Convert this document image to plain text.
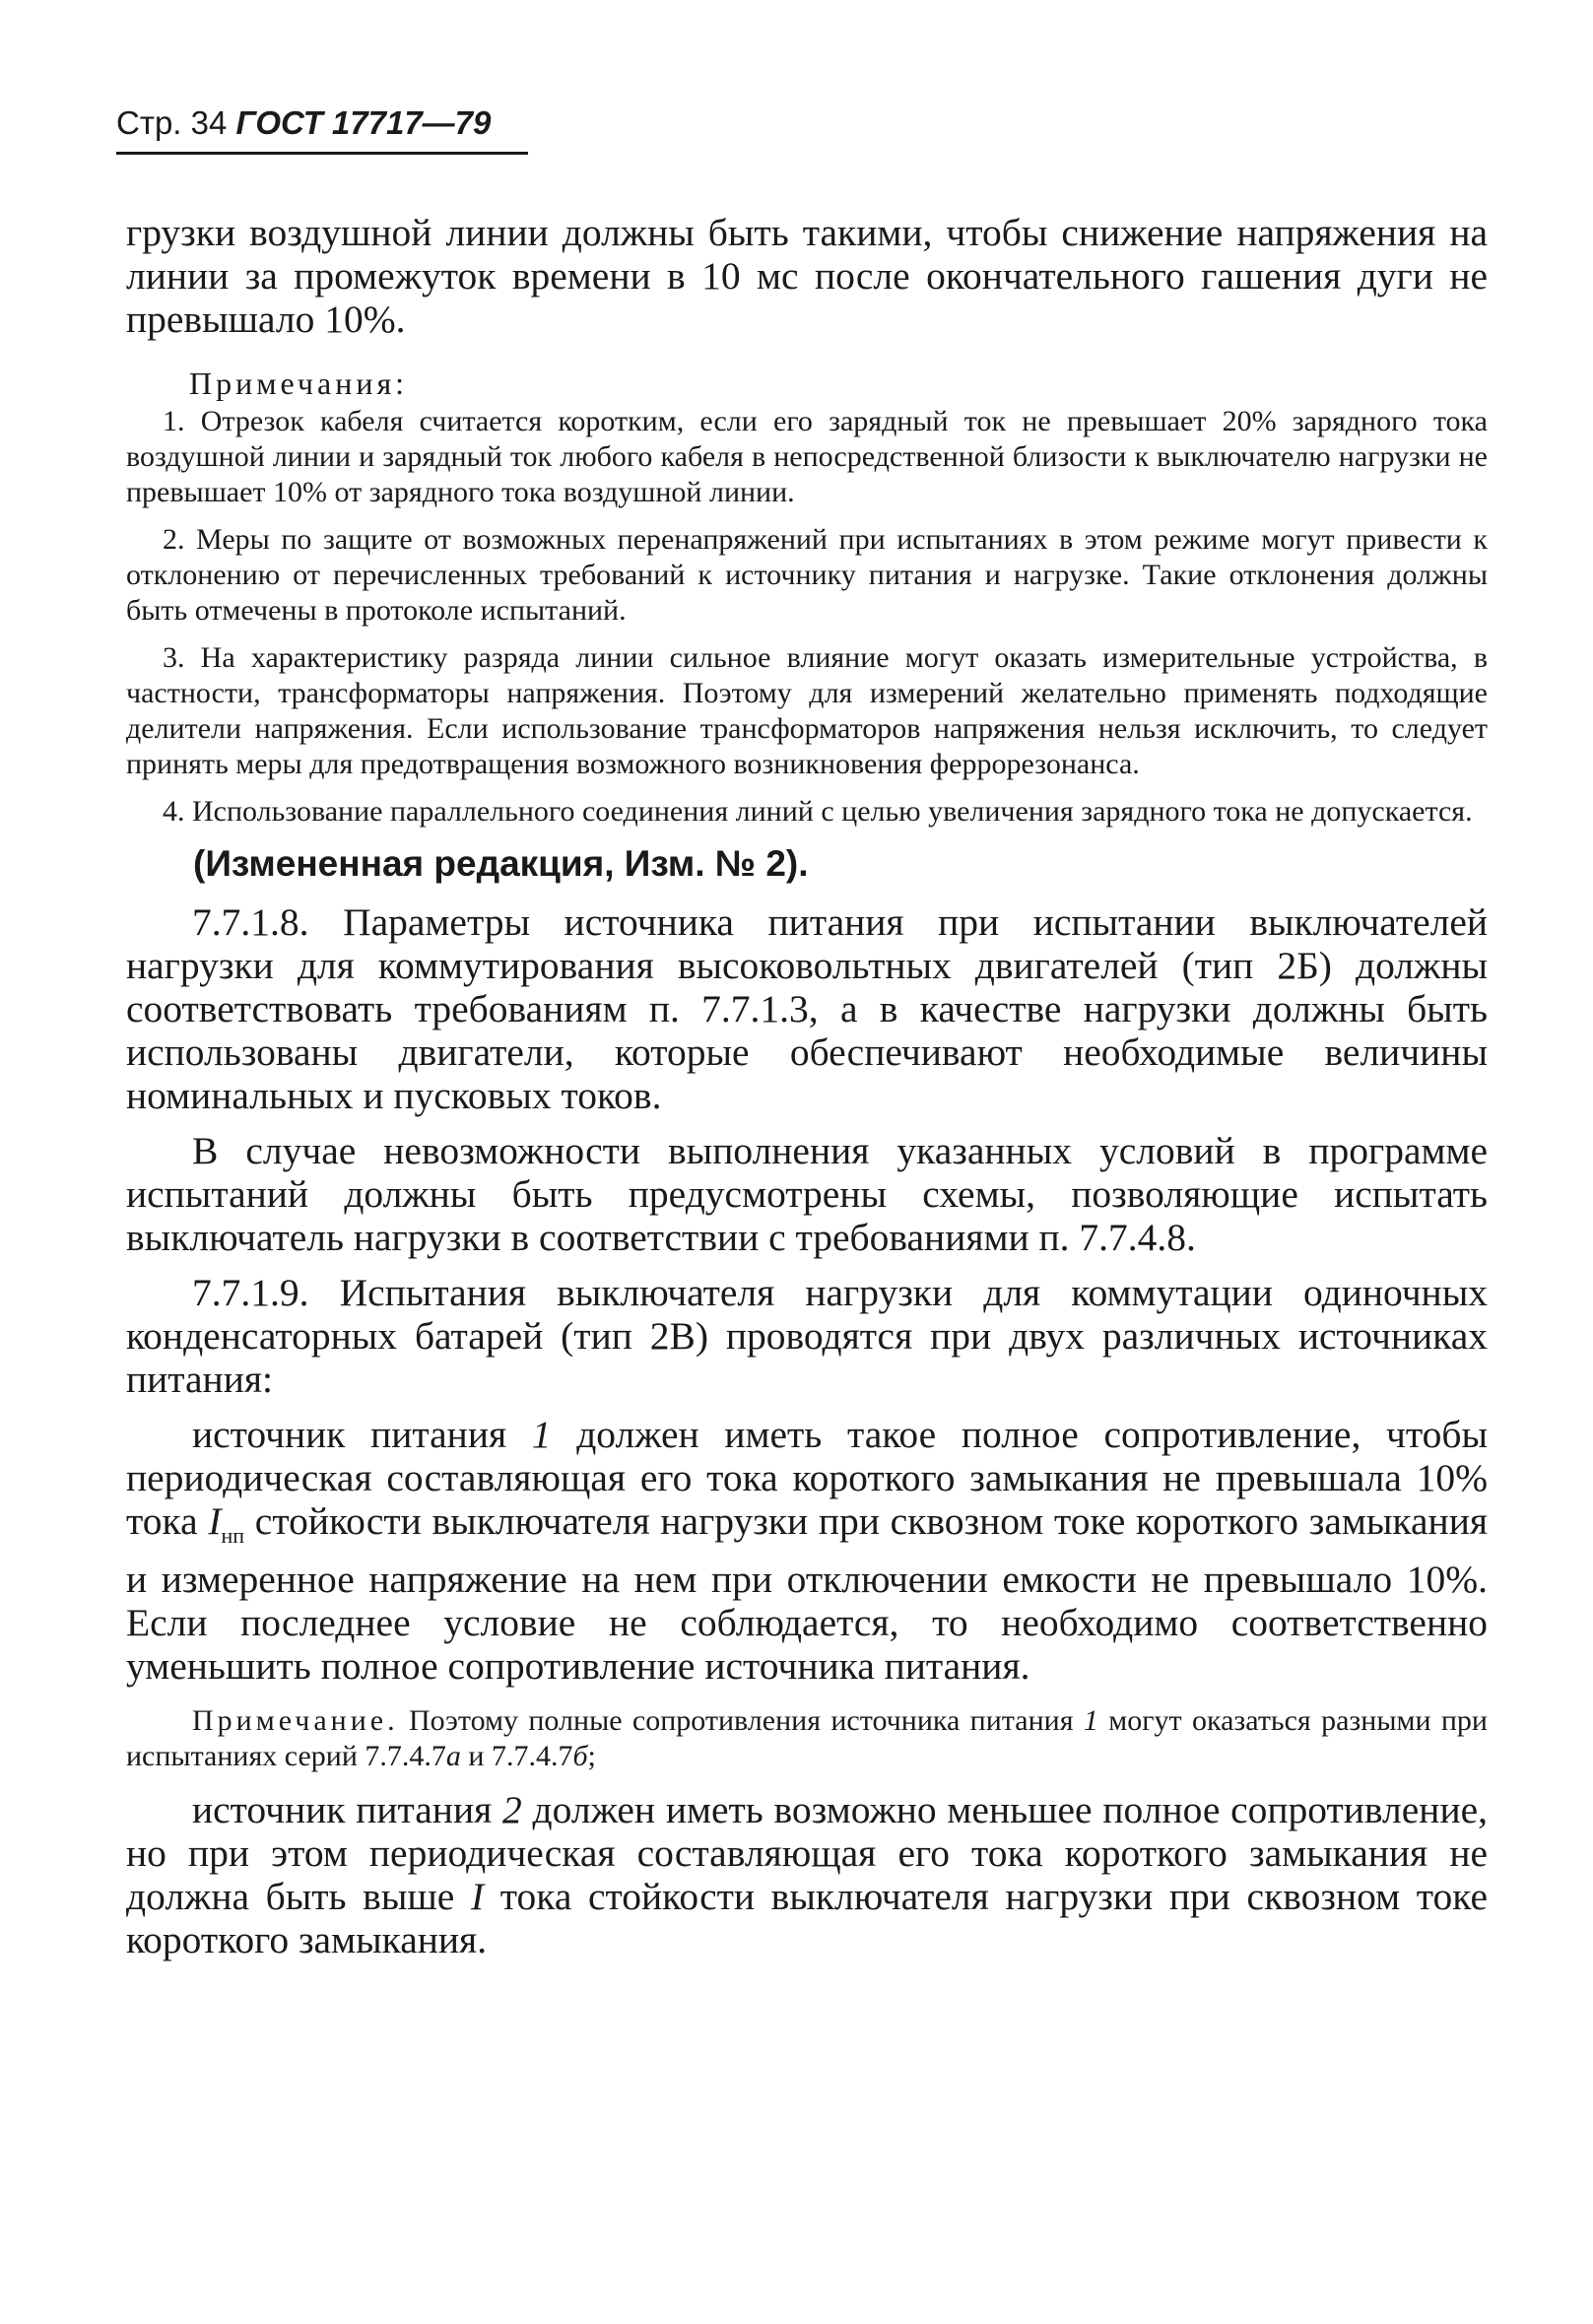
Стр. 34 ГОСТ 17717—79

грузки воздушной линии должны быть такими, чтобы снижение напряжения на линии за промежуток времени в 10 мс после окончательного гашения дуги не превышало 10%.

Примечания:

1. Отрезок кабеля считается коротким, если его зарядный ток не превышает 20% зарядного тока воздушной линии и зарядный ток любого кабеля в непосредственной близости к выключателю нагрузки не превышает 10% от зарядного тока воздушной линии.

2. Меры по защите от возможных перенапряжений при испытаниях в этом режиме могут привести к отклонению от перечисленных требований к источнику питания и нагрузке. Такие отклонения должны быть отмечены в протоколе испытаний.

3. На характеристику разряда линии сильное влияние могут оказать измерительные устройства, в частности, трансформаторы напряжения. Поэтому для измерений желательно применять подходящие делители напряжения. Если использование трансформаторов напряжения нельзя исключить, то следует принять меры для предотвращения возможного возникновения феррорезонанса.

4. Использование параллельного соединения линий с целью увеличения зарядного тока не допускается.

(Измененная редакция, Изм. № 2).

7.7.1.8. Параметры источника питания при испытании выключателей нагрузки для коммутирования высоковольтных двигателей (тип 2Б) должны соответствовать требованиям п. 7.7.1.3, а в качестве нагрузки должны быть использованы двигатели, которые обеспечивают необходимые величины номинальных и пусковых токов.

В случае невозможности выполнения указанных условий в программе испытаний должны быть предусмотрены схемы, позволяющие испытать выключатель нагрузки в соответствии с требованиями п. 7.7.4.8.

7.7.1.9. Испытания выключателя нагрузки для коммутации одиночных конденсаторных батарей (тип 2В) проводятся при двух различных источниках питания:

источник питания 1 должен иметь такое полное сопротивление, чтобы периодическая составляющая его тока короткого замыкания не превышала 10% тока $I_{нп}$ стойкости выключателя нагрузки при сквозном токе короткого замыкания и измеренное напряжение на нем при отключении емкости не превышало 10%. Если последнее условие не соблюдается, то необходимо соответственно уменьшить полное сопротивление источника питания.

Примечание. Поэтому полные сопротивления источника питания 1 могут оказаться разными при испытаниях серий 7.7.4.7а и 7.7.4.7б;

источник питания 2 должен иметь возможно меньшее полное сопротивление, но при этом периодическая составляющая его тока короткого замыкания не должна быть выше I тока стойкости выключателя нагрузки при сквозном токе короткого замыкания.
